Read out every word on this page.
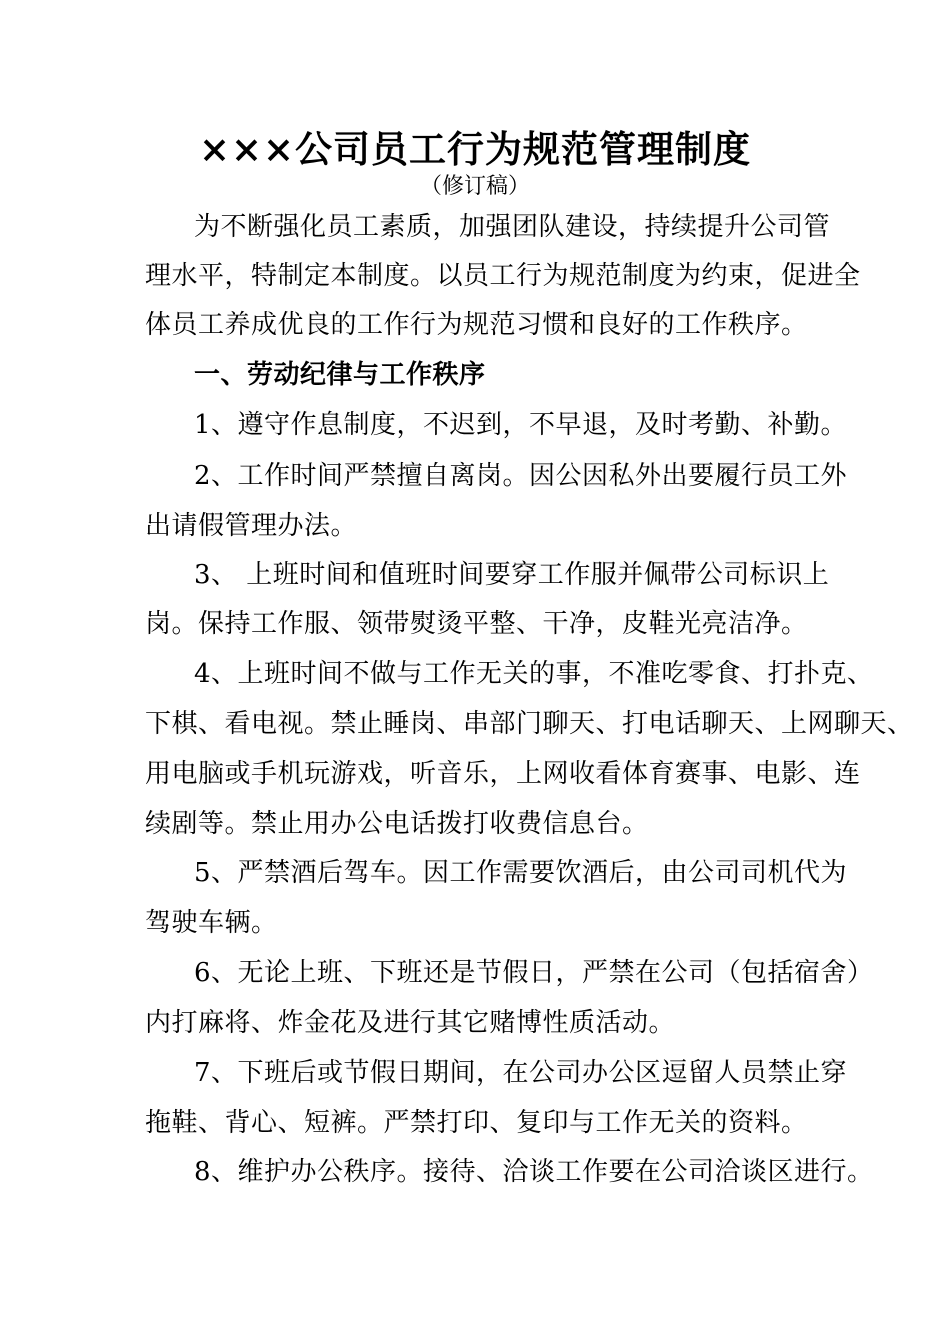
×××公司员工行为规范管理制度
（修订稿）
为不断强化员工素质，加强团队建设，持续提升公司管
理水平，特制定本制度。以员工行为规范制度为约束，促进全
体员工养成优良的工作行为规范习惯和良好的工作秩序。
一、劳动纪律与工作秩序
1、遵守作息制度，不迟到，不早退，及时考勤、补勤。
2、工作时间严禁擅自离岗。因公因私外出要履行员工外
出请假管理办法。
3、 上班时间和值班时间要穿工作服并佩带公司标识上
岗。保持工作服、领带熨烫平整、干净，皮鞋光亮洁净。
4、上班时间不做与工作无关的事，不准吃零食、打扑克、
下棋、看电视。禁止睡岗、串部门聊天、打电话聊天、上网聊天、
用电脑或手机玩游戏，听音乐，上网收看体育赛事、电影、连
续剧等。禁止用办公电话拨打收费信息台。
5、严禁酒后驾车。因工作需要饮酒后，由公司司机代为
驾驶车辆。
6、无论上班、下班还是节假日，严禁在公司（包括宿舍）
内打麻将、炸金花及进行其它赌博性质活动。
7、下班后或节假日期间，在公司办公区逗留人员禁止穿
拖鞋、背心、短裤。严禁打印、复印与工作无关的资料。
8、维护办公秩序。接待、洽谈工作要在公司洽谈区进行。
